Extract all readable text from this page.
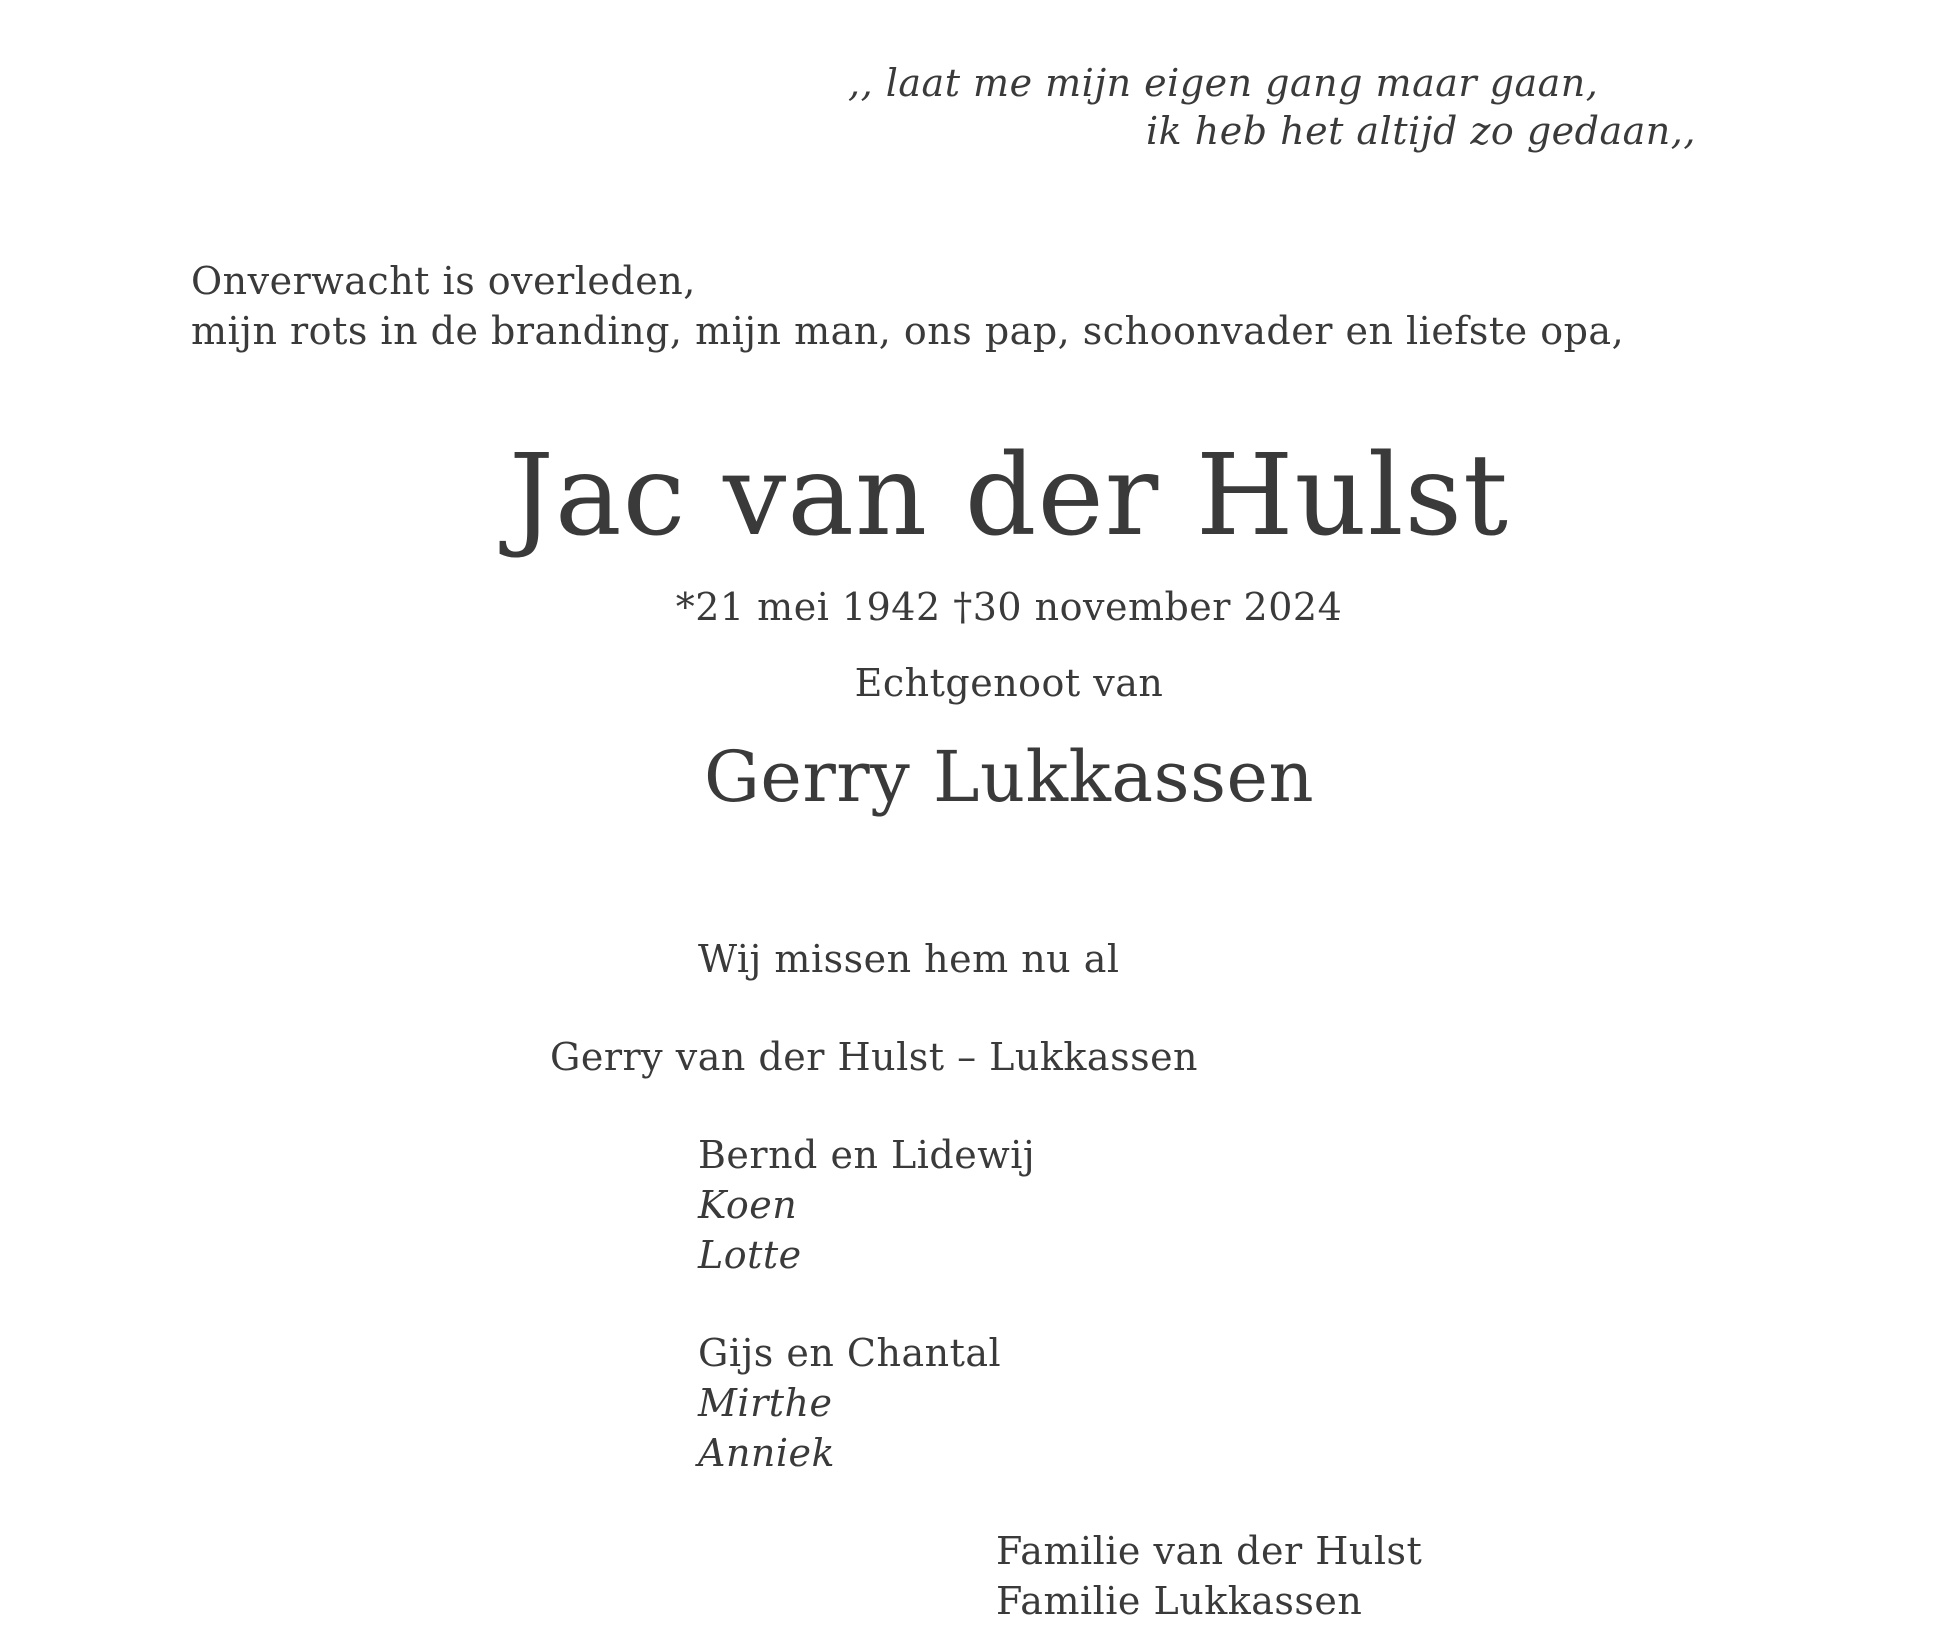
,, laat me mijn eigen gang maar gaan,

ik heb het altijd zo gedaan,,

Onverwacht is overleden,

mijn rots in de branding, mijn man, ons pap, schoonvader en liefste opa,

Jac van der Hulst

*21 mei 1942 †30 november 2024

Echtgenoot van

Gerry Lukkassen

Wij missen hem nu al

Gerry van der Hulst – Lukkassen

Bernd en Lidewij

Koen

Lotte

Gijs en Chantal

Mirthe

Anniek

Familie van der Hulst

Familie Lukkassen
